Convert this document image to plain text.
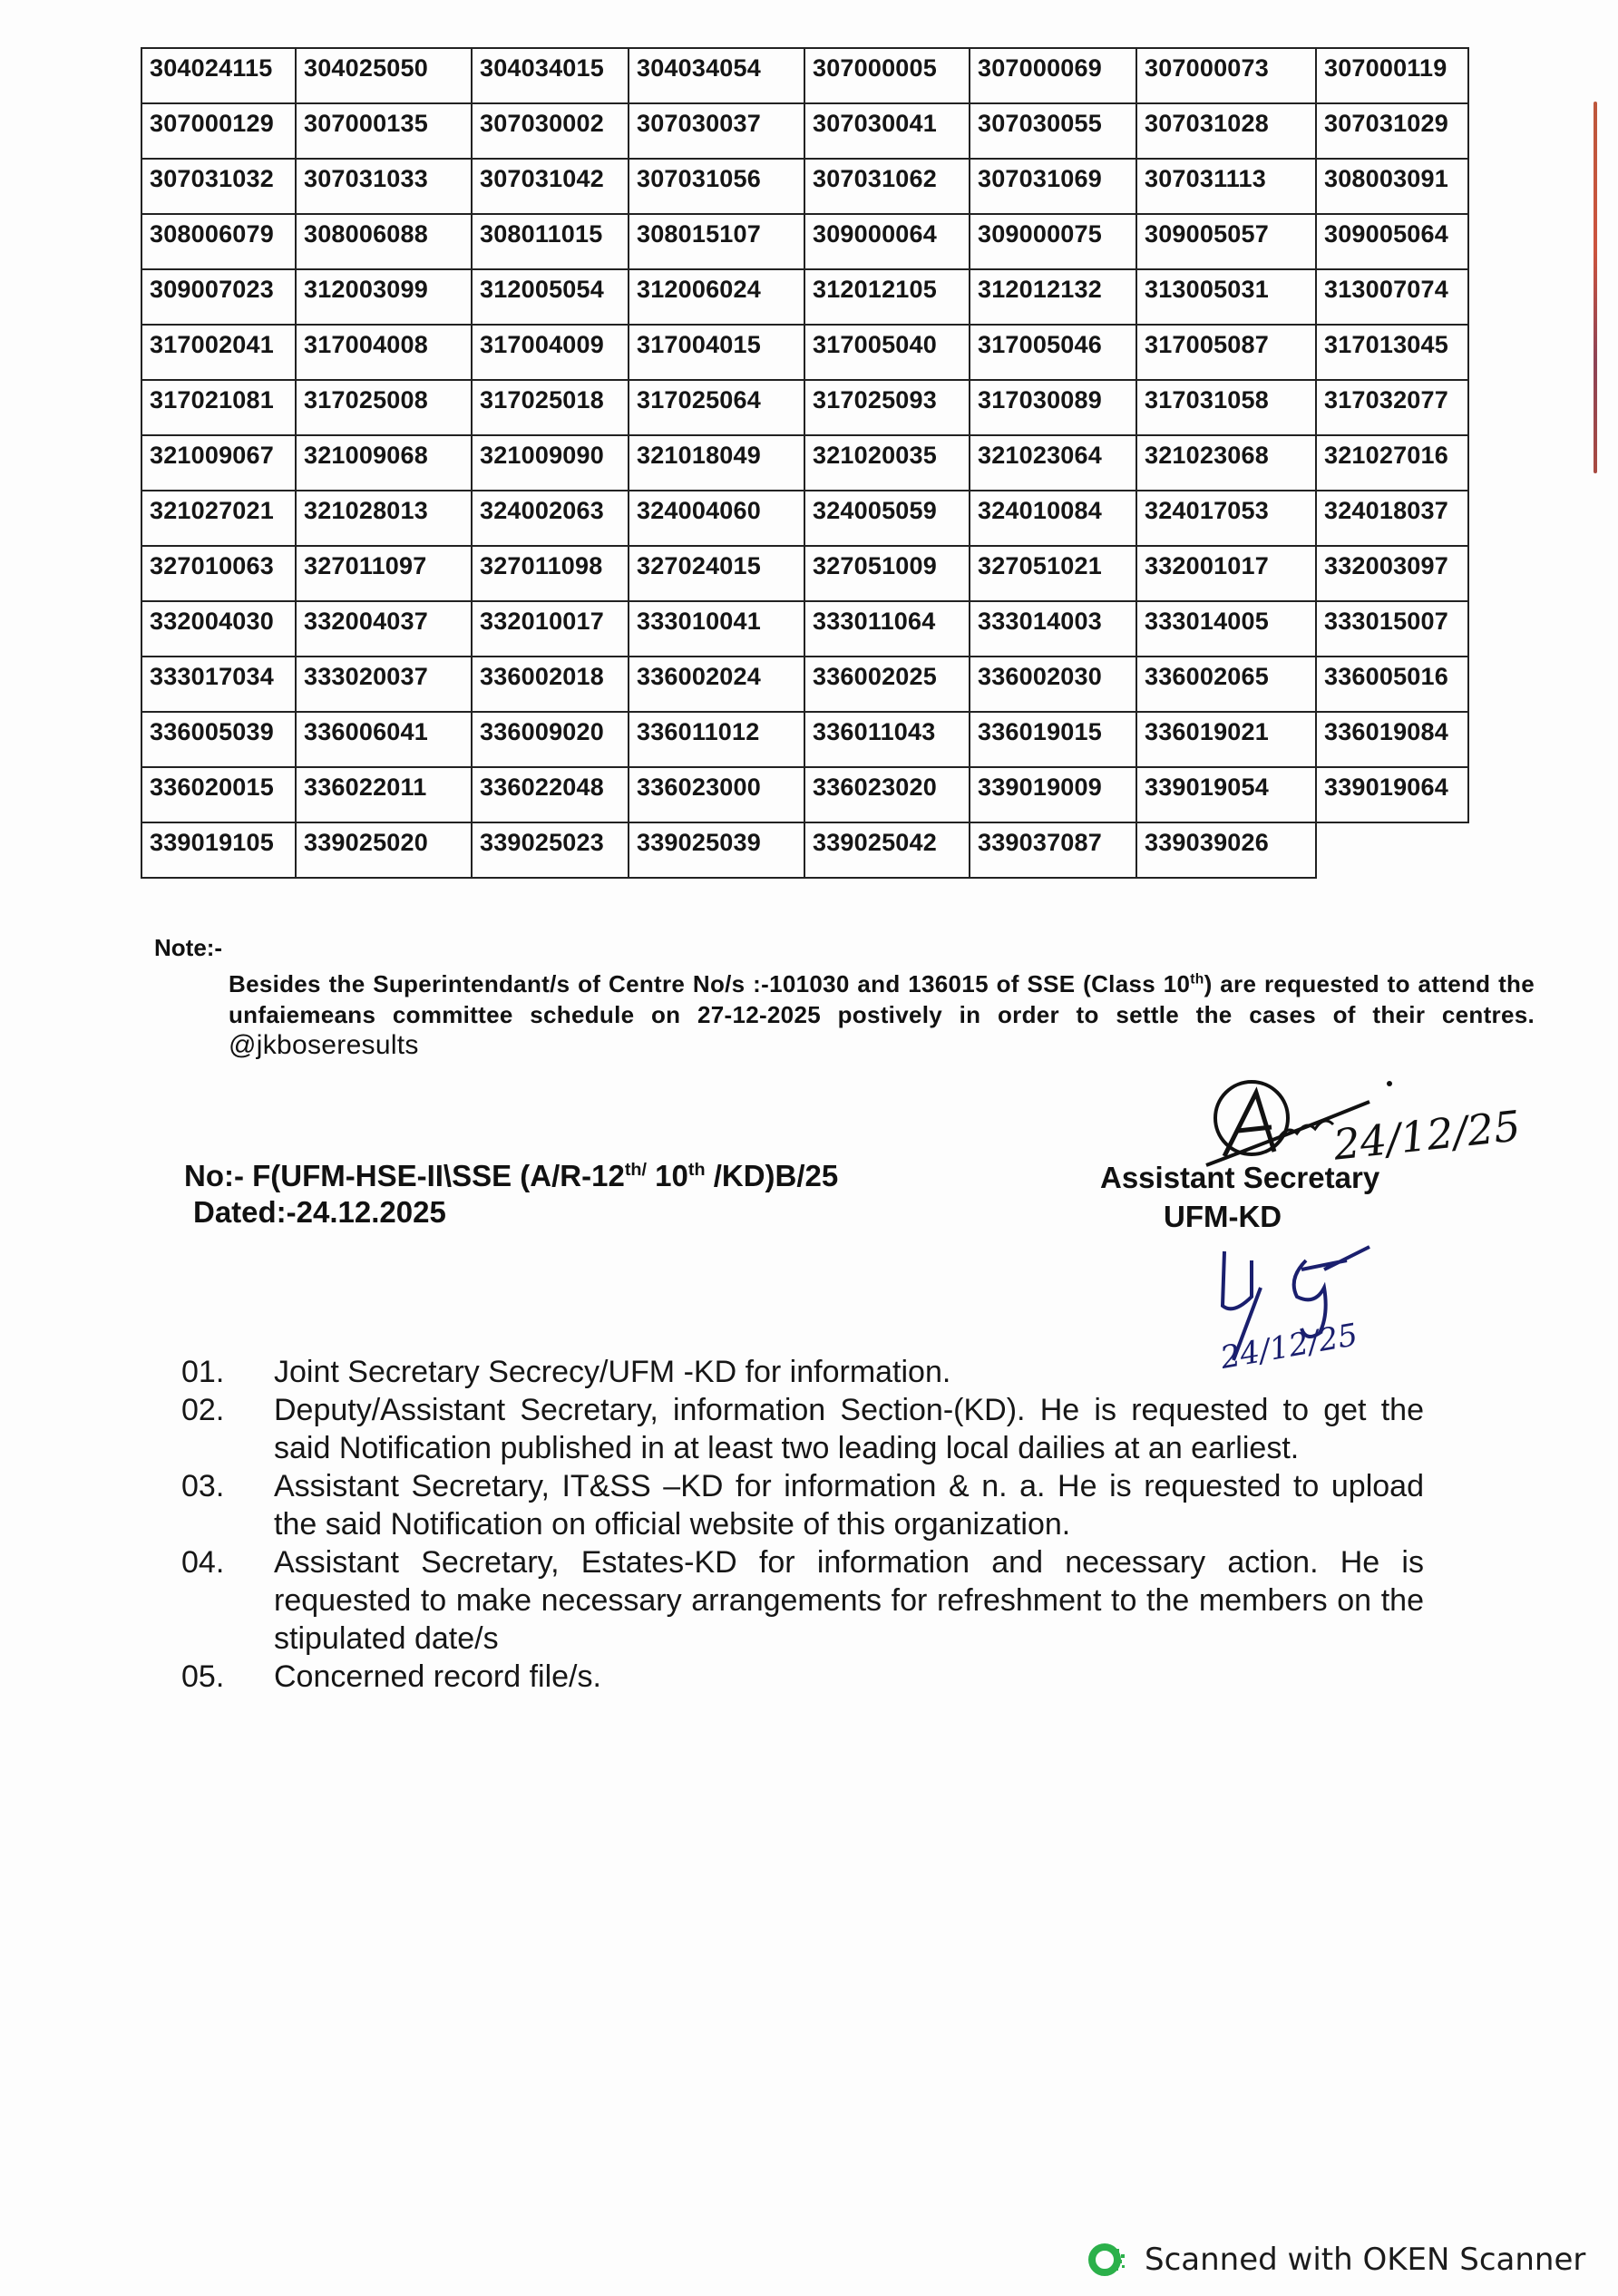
304024115	304025050	304034015	304034054	307000005	307000069	307000073	307000119
307000129	307000135	307030002	307030037	307030041	307030055	307031028	307031029
307031032	307031033	307031042	307031056	307031062	307031069	307031113	308003091
308006079	308006088	308011015	308015107	309000064	309000075	309005057	309005064
309007023	312003099	312005054	312006024	312012105	312012132	313005031	313007074
317002041	317004008	317004009	317004015	317005040	317005046	317005087	317013045
317021081	317025008	317025018	317025064	317025093	317030089	317031058	317032077
321009067	321009068	321009090	321018049	321020035	321023064	321023068	321027016
321027021	321028013	324002063	324004060	324005059	324010084	324017053	324018037
327010063	327011097	327011098	327024015	327051009	327051021	332001017	332003097
332004030	332004037	332010017	333010041	333011064	333014003	333014005	333015007
333017034	333020037	336002018	336002024	336002025	336002030	336002065	336005016
336005039	336006041	336009020	336011012	336011043	336019015	336019021	336019084
336020015	336022011	336022048	336023000	336023020	339019009	339019054	339019064
339019105	339025020	339025023	339025039	339025042	339037087	339039026	
Note:-
Besides the Superintendant/s of Centre No/s :-101030 and 136015 of SSE (Class 10th) are requested to attend the unfaiemeans committee schedule on 27-12-2025 postively in order to settle the cases of their centres. @jkboseresults
No:- F(UFM-HSE-II\SSE ($A/R-12^{th/}$ 10th /KD)B/25
Dated:-24.12.2025
24/12/25
Assistant Secretary
UFM-KD
24/12/25
01.	Joint Secretary Secrecy/UFM -KD for information.
02.	Deputy/Assistant Secretary, information Section-(KD). He is requested to get the said Notification published in at least two leading local dailies at an earliest.
03.	Assistant Secretary, IT&SS –KD for information & n. a. He is requested to upload the said Notification on official website of this organization.
04.	Assistant Secretary, Estates-KD for information and necessary action. He is requested to make necessary arrangements for refreshment to the members on the stipulated date/s
05.	Concerned record file/s.
Scanned with OKEN Scanner
